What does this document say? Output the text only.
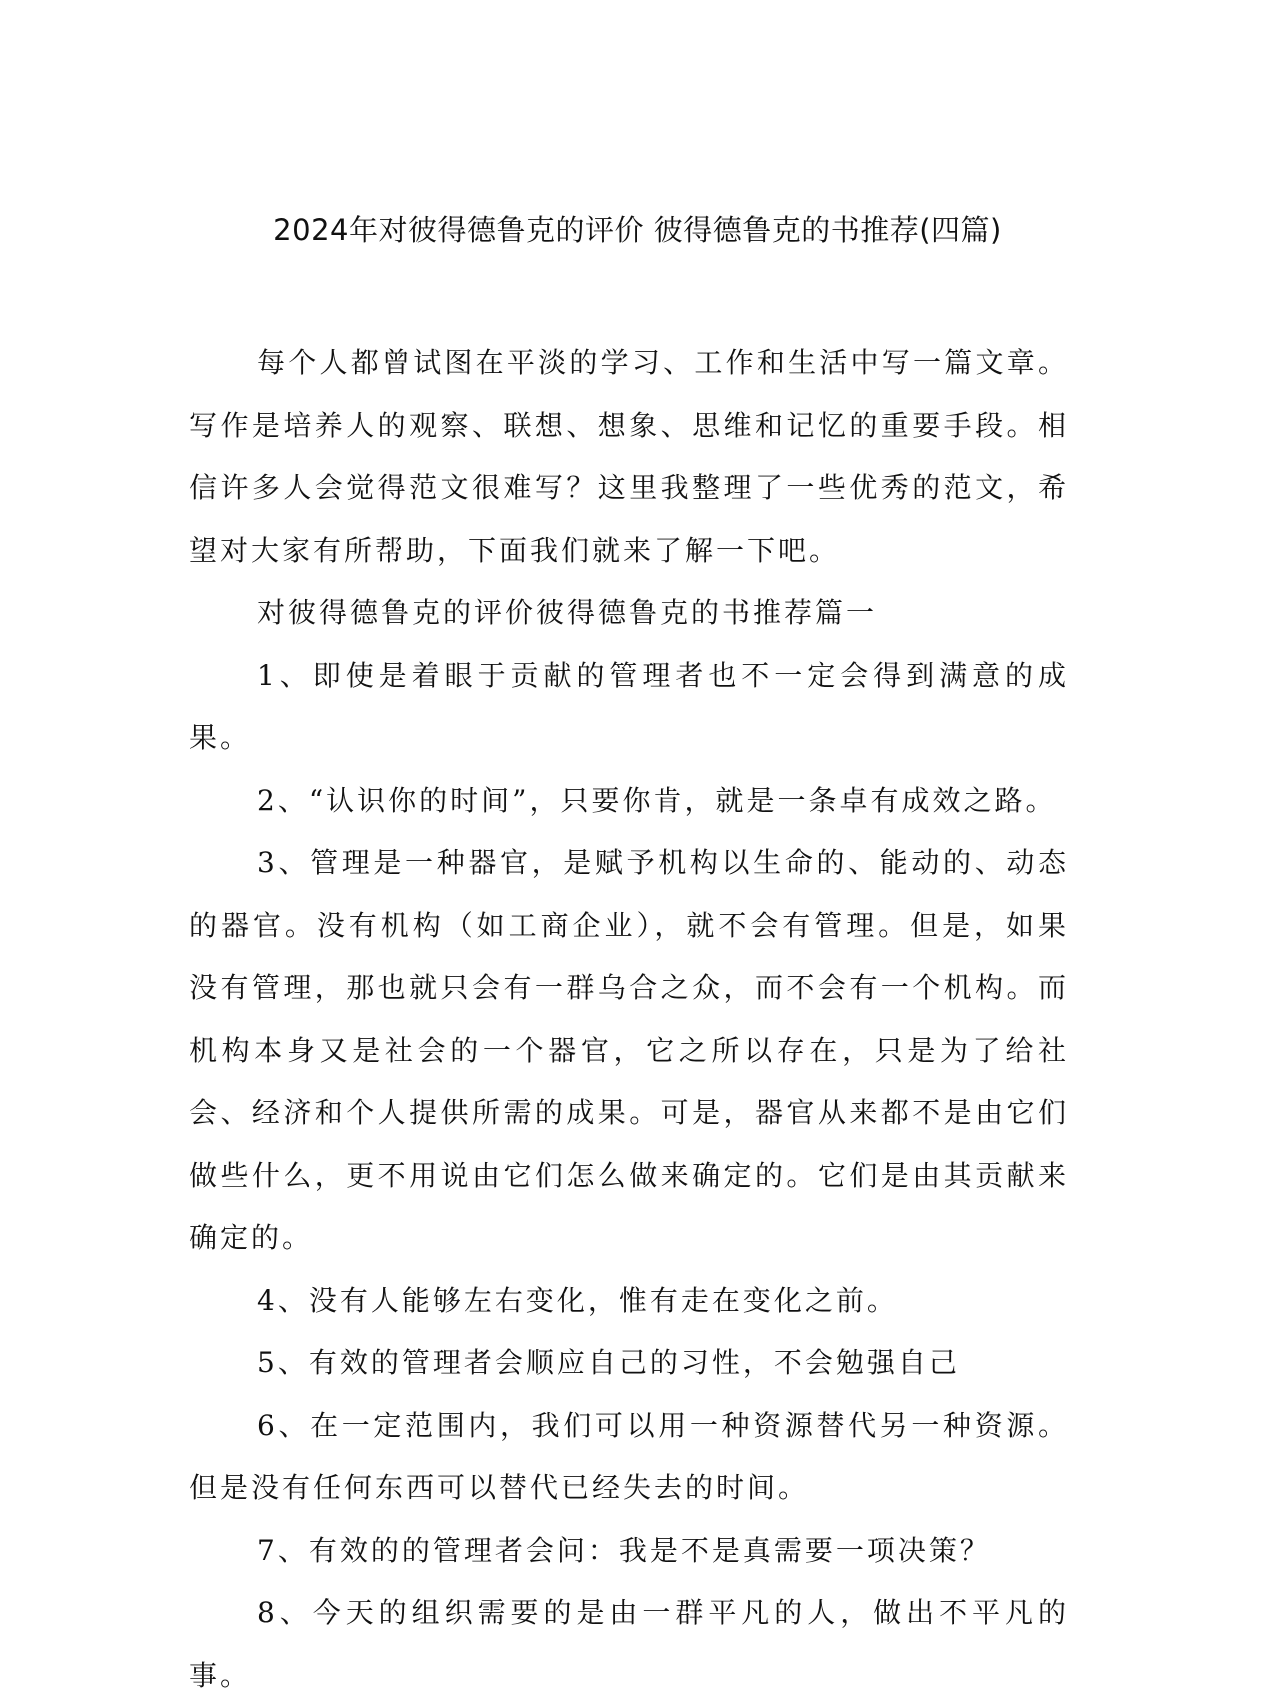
2024年对彼得德鲁克的评价 彼得德鲁克的书推荐(四篇)

每个人都曾试图在平淡的学习、工作和生活中写一篇文章。写作是培养人的观察、联想、想象、思维和记忆的重要手段。相信许多人会觉得范文很难写？这里我整理了一些优秀的范文，希望对大家有所帮助，下面我们就来了解一下吧。

对彼得德鲁克的评价彼得德鲁克的书推荐篇一

1、即使是着眼于贡献的管理者也不一定会得到满意的成果。

2、“认识你的时间”，只要你肯，就是一条卓有成效之路。

3、管理是一种器官，是赋予机构以生命的、能动的、动态的器官。没有机构（如工商企业），就不会有管理。但是，如果没有管理，那也就只会有一群乌合之众，而不会有一个机构。而机构本身又是社会的一个器官，它之所以存在，只是为了给社会、经济和个人提供所需的成果。可是，器官从来都不是由它们做些什么，更不用说由它们怎么做来确定的。它们是由其贡献来确定的。

4、没有人能够左右变化，惟有走在变化之前。

5、有效的管理者会顺应自己的习性，不会勉强自己

6、在一定范围内，我们可以用一种资源替代另一种资源。但是没有任何东西可以替代已经失去的时间。

7、有效的的管理者会问：我是不是真需要一项决策？

8、今天的组织需要的是由一群平凡的人，做出不平凡的事。
